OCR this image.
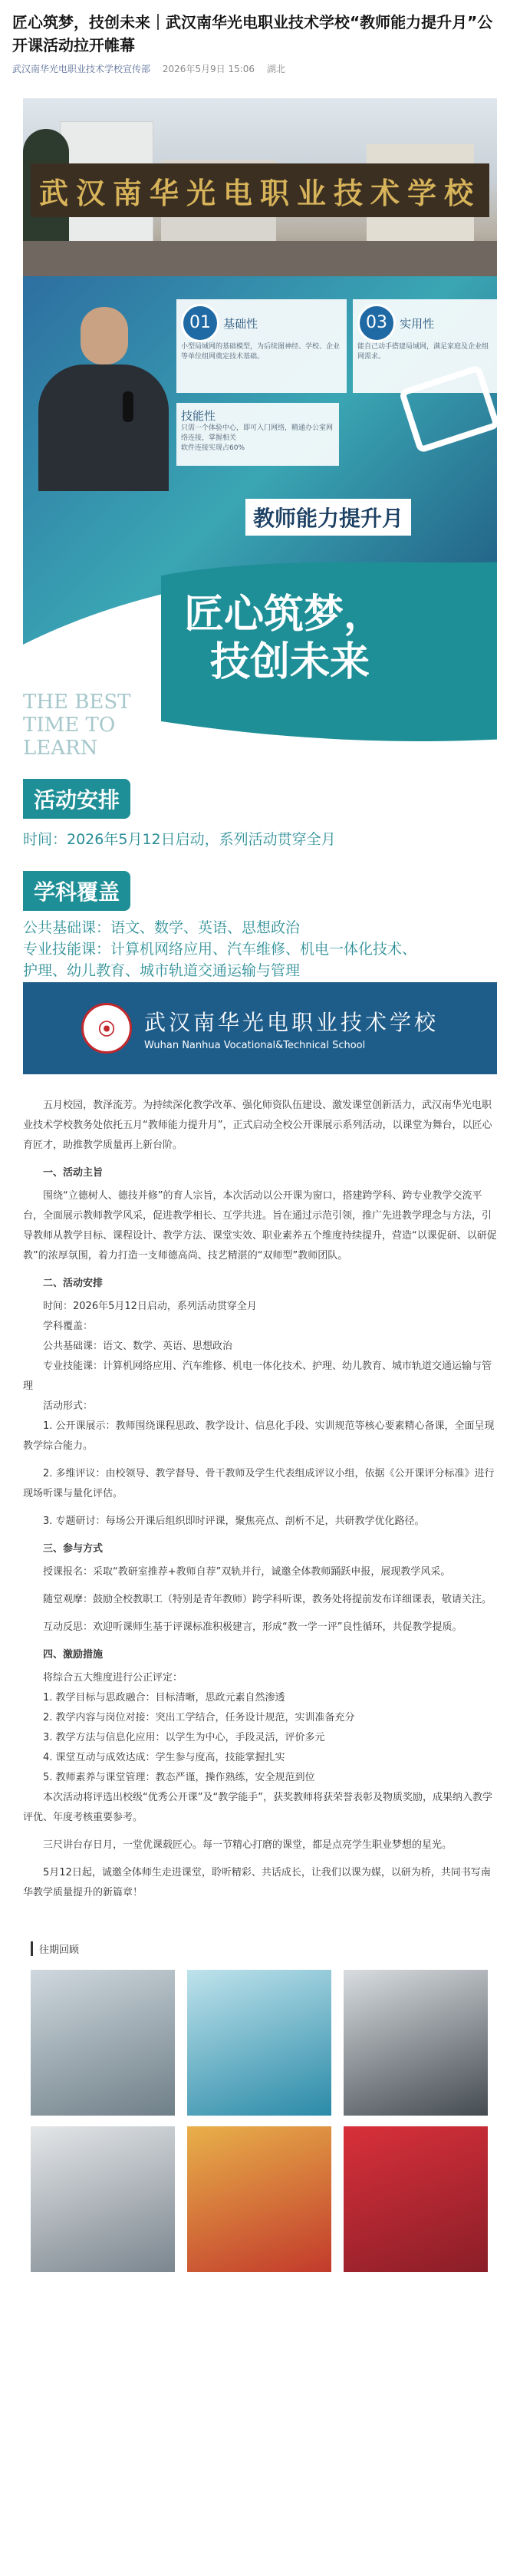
匠心筑梦，技创未来｜武汉南华光电职业技术学校“教师能力提升月”公开课活动拉开帷幕
武汉南华光电职业技术学校宣传部 2026年5月9日 15:06 湖北
武汉南华光电职业技术学校
01 基础性
小型局域网的基础模型，为后续图神经、学校、企业等单位组网奠定技术基础。
03 实用性
能自己动手搭建局域网，满足家庭及企业组网需求。
技能性
只需一个体验中心，即可入门网络，精通办公室网络连接，掌握相关
软件连接实现占60%
教师能力提升月
匠心筑梦，
技创未来
THE BEST
TIME TO
LEARN
活动安排
时间：2026年5月12日启动，系列活动贯穿全月
学科覆盖
公共基础课：语文、数学、英语、思想政治
专业技能课：计算机网络应用、汽车维修、机电一体化技术、
护理、幼儿教育、城市轨道交通运输与管理
⦿	武汉南华光电职业技术学校
Wuhan Nanhua Vocational&Technical School

五月校园，教泽流芳。为持续深化教学改革、强化师资队伍建设、激发课堂创新活力，武汉南华光电职业技术学校教务处依托五月“教师能力提升月”，正式启动全校公开课展示系列活动，以课堂为舞台，以匠心育匠才，助推教学质量再上新台阶。

一、活动主旨

围绕“立德树人、德技并修”的育人宗旨，本次活动以公开课为窗口，搭建跨学科、跨专业教学交流平台，全面展示教师教学风采，促进教学相长、互学共进。旨在通过示范引领，推广先进教学理念与方法，引导教师从教学目标、课程设计、教学方法、课堂实效、职业素养五个维度持续提升，营造“以课促研、以研促教”的浓厚氛围，着力打造一支师德高尚、技艺精湛的“双师型”教师团队。

二、活动安排
时间：2026年5月12日启动，系列活动贯穿全月
学科覆盖：
公共基础课：语文、数学、英语、思想政治
专业技能课：计算机网络应用、汽车维修、机电一体化技术、护理、幼儿教育、城市轨道交通运输与管理
活动形式：

1. 公开课展示：教师围绕课程思政、教学设计、信息化手段、实训规范等核心要素精心备课，全面呈现教学综合能力。

2. 多维评议：由校领导、教学督导、骨干教师及学生代表组成评议小组，依据《公开课评分标准》进行现场听课与量化评估。

3. 专题研讨：每场公开课后组织即时评课，聚焦亮点、剖析不足，共研教学优化路径。

三、参与方式

授课报名：采取“教研室推荐+教师自荐”双轨并行，诚邀全体教师踊跃申报，展现教学风采。

随堂观摩：鼓励全校教职工（特别是青年教师）跨学科听课，教务处将提前发布详细课表，敬请关注。

互动反思：欢迎听课师生基于评课标准积极建言，形成“教一学一评”良性循环，共促教学提质。

四、激励措施
将综合五大维度进行公正评定：
1. 教学目标与思政融合：目标清晰，思政元素自然渗透
2. 教学内容与岗位对接：突出工学结合，任务设计规范，实训准备充分
3. 教学方法与信息化应用：以学生为中心，手段灵活，评价多元
4. 课堂互动与成效达成：学生参与度高，技能掌握扎实
5. 教师素养与课堂管理：教态严谨，操作熟练，安全规范到位

本次活动将评选出校级“优秀公开课”及“教学能手”，获奖教师将获荣誉表彰及物质奖励，成果纳入教学评优、年度考核重要参考。

三尺讲台存日月，一堂优课载匠心。每一节精心打磨的课堂，都是点亮学生职业梦想的星光。

5月12日起，诚邀全体师生走进课堂，聆听精彩、共话成长，让我们以课为媒，以研为桥，共同书写南华教学质量提升的新篇章！

往期回顾
